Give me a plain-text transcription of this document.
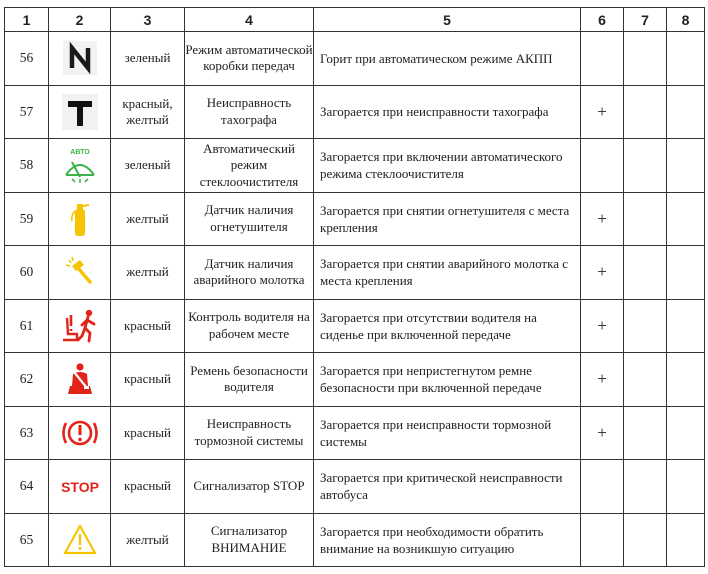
1	2	3	4	5	6	7	8
56		зеленый	Режим автоматической коробки передач	Горит при автоматическом режиме АКПП			
57		красный, желтый	Неисправность тахографа	Загорается при неисправности тахографа	+		
58	АВТО	зеленый	Автоматический режим стеклоочистителя	Загорается при включении автоматического режима стеклоочистителя			
59		желтый	Датчик наличия огнетушителя	Загорается при снятии огнетушителя с места крепления	+		
60		желтый	Датчик наличия аварийного молотка	Загорается при снятии аварийного молотка с места крепления	+		
61		красный	Контроль водителя на рабочем месте	Загорается при отсутствии водителя на сиденье при включенной передаче	+		
62		красный	Ремень безопасности водителя	Загорается при непристегнутом ремне безопасности при включенной передаче	+		
63		красный	Неисправность тормозной системы	Загорается при неисправности тормозной системы	+		
64	STOP	красный	Сигнализатор STOP	Загорается при критической неисправности автобуса			
65		желтый	Сигнализатор ВНИМАНИЕ	Загорается при необходимости обратить внимание на возникшую ситуацию			
